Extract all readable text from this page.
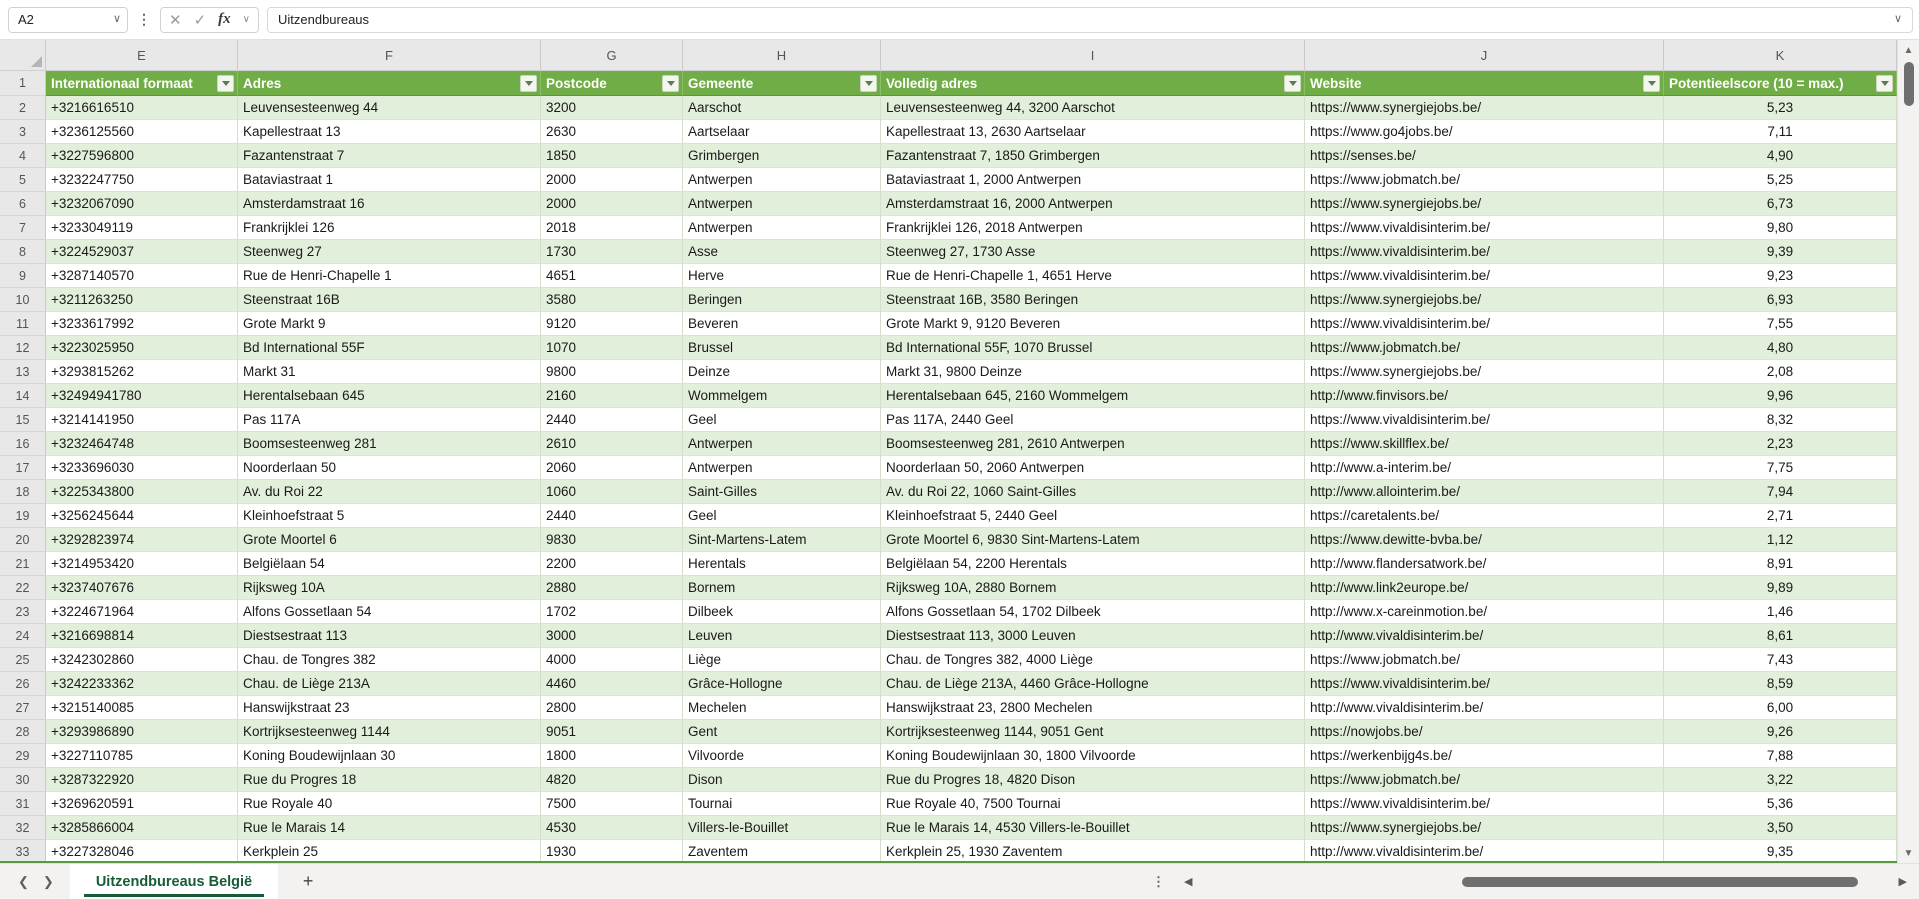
A2	∨	⋮	✕ ✓ fx ∨ Uitzendbureaus	∨
E	F	G	H	I	J	K
1	Internationaal formaat	Adres	Postcode	Gemeente	Volledig adres	Website	Potentieelscore (10 = max.)
2	+3216616510	Leuvensesteenweg 44	3200	Aarschot	Leuvensesteenweg 44, 3200 Aarschot	https://www.synergiejobs.be/	5,23
3	+3236125560	Kapellestraat 13	2630	Aartselaar	Kapellestraat 13, 2630 Aartselaar	https://www.go4jobs.be/	7,11
4	+3227596800	Fazantenstraat 7	1850	Grimbergen	Fazantenstraat 7, 1850 Grimbergen	https://senses.be/	4,90
5	+3232247750	Bataviastraat 1	2000	Antwerpen	Bataviastraat 1, 2000 Antwerpen	https://www.jobmatch.be/	5,25
6	+3232067090	Amsterdamstraat 16	2000	Antwerpen	Amsterdamstraat 16, 2000 Antwerpen	https://www.synergiejobs.be/	6,73
7	+3233049119	Frankrijklei 126	2018	Antwerpen	Frankrijklei 126, 2018 Antwerpen	https://www.vivaldisinterim.be/	9,80
8	+3224529037	Steenweg 27	1730	Asse	Steenweg 27, 1730 Asse	https://www.vivaldisinterim.be/	9,39
9	+3287140570	Rue de Henri-Chapelle 1	4651	Herve	Rue de Henri-Chapelle 1, 4651 Herve	https://www.vivaldisinterim.be/	9,23
10	+3211263250	Steenstraat 16B	3580	Beringen	Steenstraat 16B, 3580 Beringen	https://www.synergiejobs.be/	6,93
11	+3233617992	Grote Markt 9	9120	Beveren	Grote Markt 9, 9120 Beveren	https://www.vivaldisinterim.be/	7,55
12	+3223025950	Bd International 55F	1070	Brussel	Bd International 55F, 1070 Brussel	https://www.jobmatch.be/	4,80
13	+3293815262	Markt 31	9800	Deinze	Markt 31, 9800 Deinze	https://www.synergiejobs.be/	2,08
14	+32494941780	Herentalsebaan 645	2160	Wommelgem	Herentalsebaan 645, 2160 Wommelgem	http://www.finvisors.be/	9,96
15	+3214141950	Pas 117A	2440	Geel	Pas 117A, 2440 Geel	https://www.vivaldisinterim.be/	8,32
16	+3232464748	Boomsesteenweg 281	2610	Antwerpen	Boomsesteenweg 281, 2610 Antwerpen	https://www.skillflex.be/	2,23
17	+3233696030	Noorderlaan 50	2060	Antwerpen	Noorderlaan 50, 2060 Antwerpen	http://www.a-interim.be/	7,75
18	+3225343800	Av. du Roi 22	1060	Saint-Gilles	Av. du Roi 22, 1060 Saint-Gilles	http://www.allointerim.be/	7,94
19	+3256245644	Kleinhoefstraat 5	2440	Geel	Kleinhoefstraat 5, 2440 Geel	https://caretalents.be/	2,71
20	+3292823974	Grote Moortel 6	9830	Sint-Martens-Latem	Grote Moortel 6, 9830 Sint-Martens-Latem	https://www.dewitte-bvba.be/	1,12
21	+3214953420	Belgiëlaan 54	2200	Herentals	Belgiëlaan 54, 2200 Herentals	http://www.flandersatwork.be/	8,91
22	+3237407676	Rijksweg 10A	2880	Bornem	Rijksweg 10A, 2880 Bornem	http://www.link2europe.be/	9,89
23	+3224671964	Alfons Gossetlaan 54	1702	Dilbeek	Alfons Gossetlaan 54, 1702 Dilbeek	http://www.x-careinmotion.be/	1,46
24	+3216698814	Diestsestraat 113	3000	Leuven	Diestsestraat 113, 3000 Leuven	http://www.vivaldisinterim.be/	8,61
25	+3242302860	Chau. de Tongres 382	4000	Liège	Chau. de Tongres 382, 4000 Liège	https://www.jobmatch.be/	7,43
26	+3242233362	Chau. de Liège 213A	4460	Grâce-Hollogne	Chau. de Liège 213A, 4460 Grâce-Hollogne	https://www.vivaldisinterim.be/	8,59
27	+3215140085	Hanswijkstraat 23	2800	Mechelen	Hanswijkstraat 23, 2800 Mechelen	http://www.vivaldisinterim.be/	6,00
28	+3293986890	Kortrijksesteenweg 1144	9051	Gent	Kortrijksesteenweg 1144, 9051 Gent	https://nowjobs.be/	9,26
29	+3227110785	Koning Boudewijnlaan 30	1800	Vilvoorde	Koning Boudewijnlaan 30, 1800 Vilvoorde	https://werkenbijg4s.be/	7,88
30	+3287322920	Rue du Progres 18	4820	Dison	Rue du Progres 18, 4820 Dison	https://www.jobmatch.be/	3,22
31	+3269620591	Rue Royale 40	7500	Tournai	Rue Royale 40, 7500 Tournai	https://www.vivaldisinterim.be/	5,36
32	+3285866004	Rue le Marais 14	4530	Villers-le-Bouillet	Rue le Marais 14, 4530 Villers-le-Bouillet	https://www.synergiejobs.be/	3,50
33	+3227328046	Kerkplein 25	1930	Zaventem	Kerkplein 25, 1930 Zaventem	http://www.vivaldisinterim.be/	9,35
▲
▼
❮ ❯	Uitzendbureaus België	+	⋮	◀	▶
